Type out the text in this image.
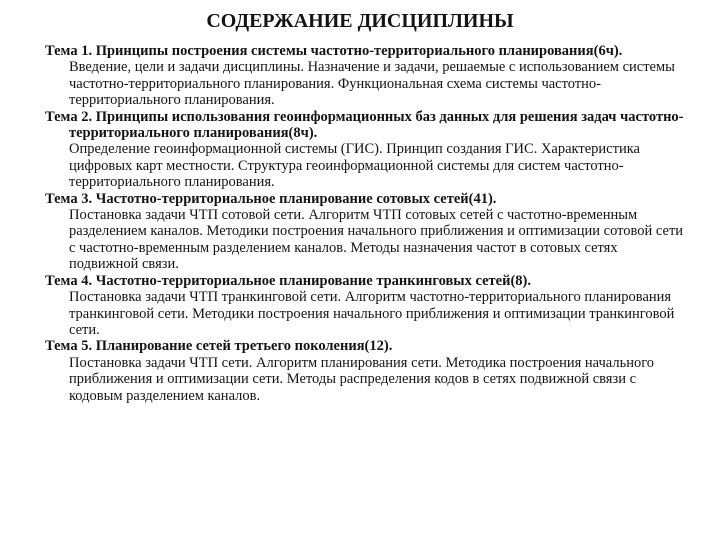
СОДЕРЖАНИЕ ДИСЦИПЛИНЫ
Тема 1. Принципы построения системы частотно-территориального планирования(6ч).
Введение, цели и задачи дисциплины. Назначение и задачи, решаемые с использованием системы частотно-территориального планирования. Функциональная схема системы частотно-территориального планирования.
Тема 2. Принципы использования геоинформационных баз данных для решения задач частотно-территориального планирования(8ч).
Определение геоинформационной системы (ГИС). Принцип создания ГИС. Характеристика цифровых карт местности. Структура геоинформационной системы для систем частотно-территориального планирования.
Тема 3. Частотно-территориальное планирование сотовых сетей(41).
Постановка задачи ЧТП сотовой сети. Алгоритм ЧТП сотовых сетей с частотно-временным разделением каналов. Методики построения начального приближения и оптимизации сотовой сети с частотно-временным разделением каналов. Методы назначения частот в сотовых сетях подвижной связи.
Тема 4. Частотно-территориальное планирование транкинговых сетей(8).
Постановка задачи ЧТП транкинговой сети. Алгоритм частотно-территориального планирования транкинговой сети. Методики построения начального приближения и оптимизации транкинговой сети.
Тема 5. Планирование сетей третьего поколения(12).
Постановка задачи ЧТП сети. Алгоритм планирования сети. Методика построения начального приближения и оптимизации сети. Методы распределения кодов в сетях подвижной связи с кодовым разделением каналов.
